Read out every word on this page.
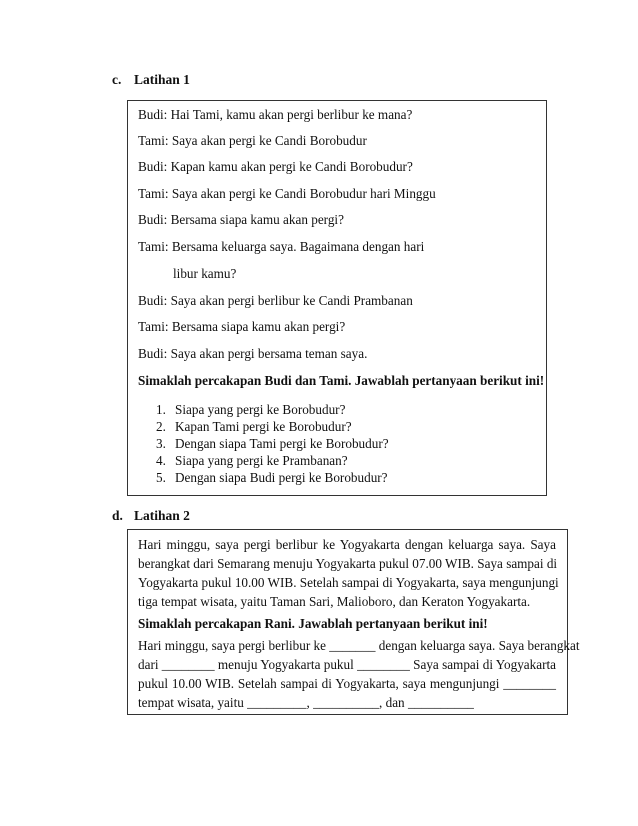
c. Latihan 1
Budi: Hai Tami, kamu akan pergi berlibur ke mana?
Tami: Saya akan pergi ke Candi Borobudur
Budi: Kapan kamu akan pergi ke Candi Borobudur?
Tami: Saya akan pergi ke Candi Borobudur hari Minggu
Budi: Bersama siapa kamu akan pergi?
Tami: Bersama keluarga saya. Bagaimana dengan hari
libur kamu?
Budi: Saya akan pergi berlibur ke Candi Prambanan
Tami: Bersama siapa kamu akan pergi?
Budi: Saya akan pergi bersama teman saya.
Simaklah percakapan Budi dan Tami. Jawablah pertanyaan berikut ini!
1. Siapa yang pergi ke Borobudur?
2. Kapan Tami pergi ke Borobudur?
3. Dengan siapa Tami pergi ke Borobudur?
4. Siapa yang pergi ke Prambanan?
5. Dengan siapa Budi pergi ke Borobudur?
d. Latihan 2
Hari minggu, saya pergi berlibur ke Yogyakarta dengan keluarga saya. Saya
berangkat dari Semarang menuju Yogyakarta pukul 07.00 WIB. Saya sampai di
Yogyakarta pukul 10.00 WIB. Setelah sampai di Yogyakarta, saya mengunjungi
tiga tempat wisata, yaitu Taman Sari, Malioboro, dan Keraton Yogyakarta.
Simaklah percakapan Rani. Jawablah pertanyaan berikut ini!
Hari minggu, saya pergi berlibur ke _______ dengan keluarga saya. Saya berangkat
dari ________ menuju Yogyakarta pukul ________ Saya sampai di Yogyakarta
pukul 10.00 WIB. Setelah sampai di Yogyakarta, saya mengunjungi ________
tempat wisata, yaitu _________, __________, dan __________
